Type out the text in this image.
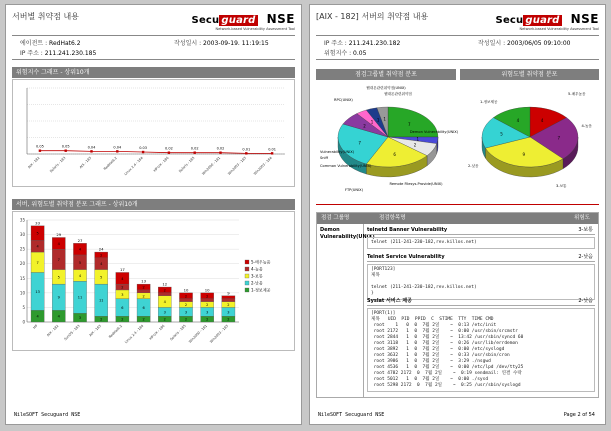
서버별 취약점 내용	Secu guard NSE
Network-based Vulnerability Assessment Tool
에이전트 : RedHat6.2	작성일시 : 2003-09-19. 11:19:15
IP 주소 : 211.241.230.185
위험지수 그래프 - 상위10개
0.05
AIX - 182
0.05
Solaris - 183
0.04
AIX - 183
0.04
RedHat6.2
0.03
Linux 2.4 - 184
0.02
HP-UX - 186
0.02
Solaris - 185
0.02
Win2000 - 181
0.01
Win2003 - 183
0.01
Win2003 - 184
서버, 위험도별 취약점 분포 그래프 - 상위10개
0
5
10
15
20
25
30
35
4
13
7
4
5
33
HP
4
9
5
7
4
29
AIX - 182
3
11
4
5
4
27
SunOS - 183
2
11
5
4
2
24
AIX - 183
2
6
3
2
4
17
RedHat6.2
2
6
2
2
13
Linux 2.4 - 184
2
3
4
2
12
HP-UX - 186
2
3
2
2
10
Solaris - 185
2
3
2
2
10
Win2000 - 181
2
3
2
9
Win2003 - 183
5-매우높음
4-높음
3-보통
2-낮음
1-정보제공
NileSOFT Secuguard NSE
[AIX - 182] 서버의 취약점 내용	Secu guard NSE
Network-based Vulnerability Assessment Tool
IP 주소 : 211.241.230.182	작성일시 : 2003/06/05 09:10:00
위험지수 : 0.05
점검그룹별 취약점 분포	위험도별 취약점 분포
7
RPC(UNIX)
1
웹대몬관련취약점(UNIX)
2
웹대몬관련취약점
6
Demon Vulnerability(UNIX)
7
Remote Filesys.Provide(UNIX)
2
FTP(UNIX)
1
Vulnerability(UNIX)
1
Sniff
1
Common Vulnerability(UNIX)
4
5-매우높음
7
4-높음
9
3-보통
5
2-낮음
4
1-정보제공
점검 그룹명	점검항목명	위험도
Demon Vulnerability(UNIX)
telnetd Banner Vulnerability	3-보통
telnet (211-241-230-182,rev.killos.net)
Telnet Service Vulnerability	2-낮음
[PORT123]
제목

telnet (211-241-230-182,rev.killos.net)
}
Syslat 서비스 제공	2-낮음
[PORT(1)]
제목   UID  PID  PPID  C  STIME  TTY  TIME CMD
root    1   0  0  7월 2일    ~  0:13 /etc/init
root 2172   1  0  7월 2일    ~  0:00 /usr/sbin/srcmstr
root 2844   1  0  7월 2일    ~  13:42 /usr/sbin/syncd 60
root 3118   1  0  7월 2일    ~  0:26 /usr/lib/errdemon
root 3892   1  0  7월 2일    ~  0:00 /etc/syslogd
root 3632   1  0  7월 2일    ~  0:33 /usr/sbin/cron
root 3986   1  0  7월 2일    ~  3:29 ./nsgwd
root 4536   1  0  7월 2일    ~  0:00 /etc/lpd /dev/tty25
root 4782 2172  0  7월 2일    ~  0:19 sendmail: 연결 수락
root 5012   1  0  7월 2일    ~  0:00 ./sysd
root 5298 2172  0  7월 2일    ~  0:25 /usr/sbin/syslogd
NileSOFT Secuguard NSE	Page 2 of 54
